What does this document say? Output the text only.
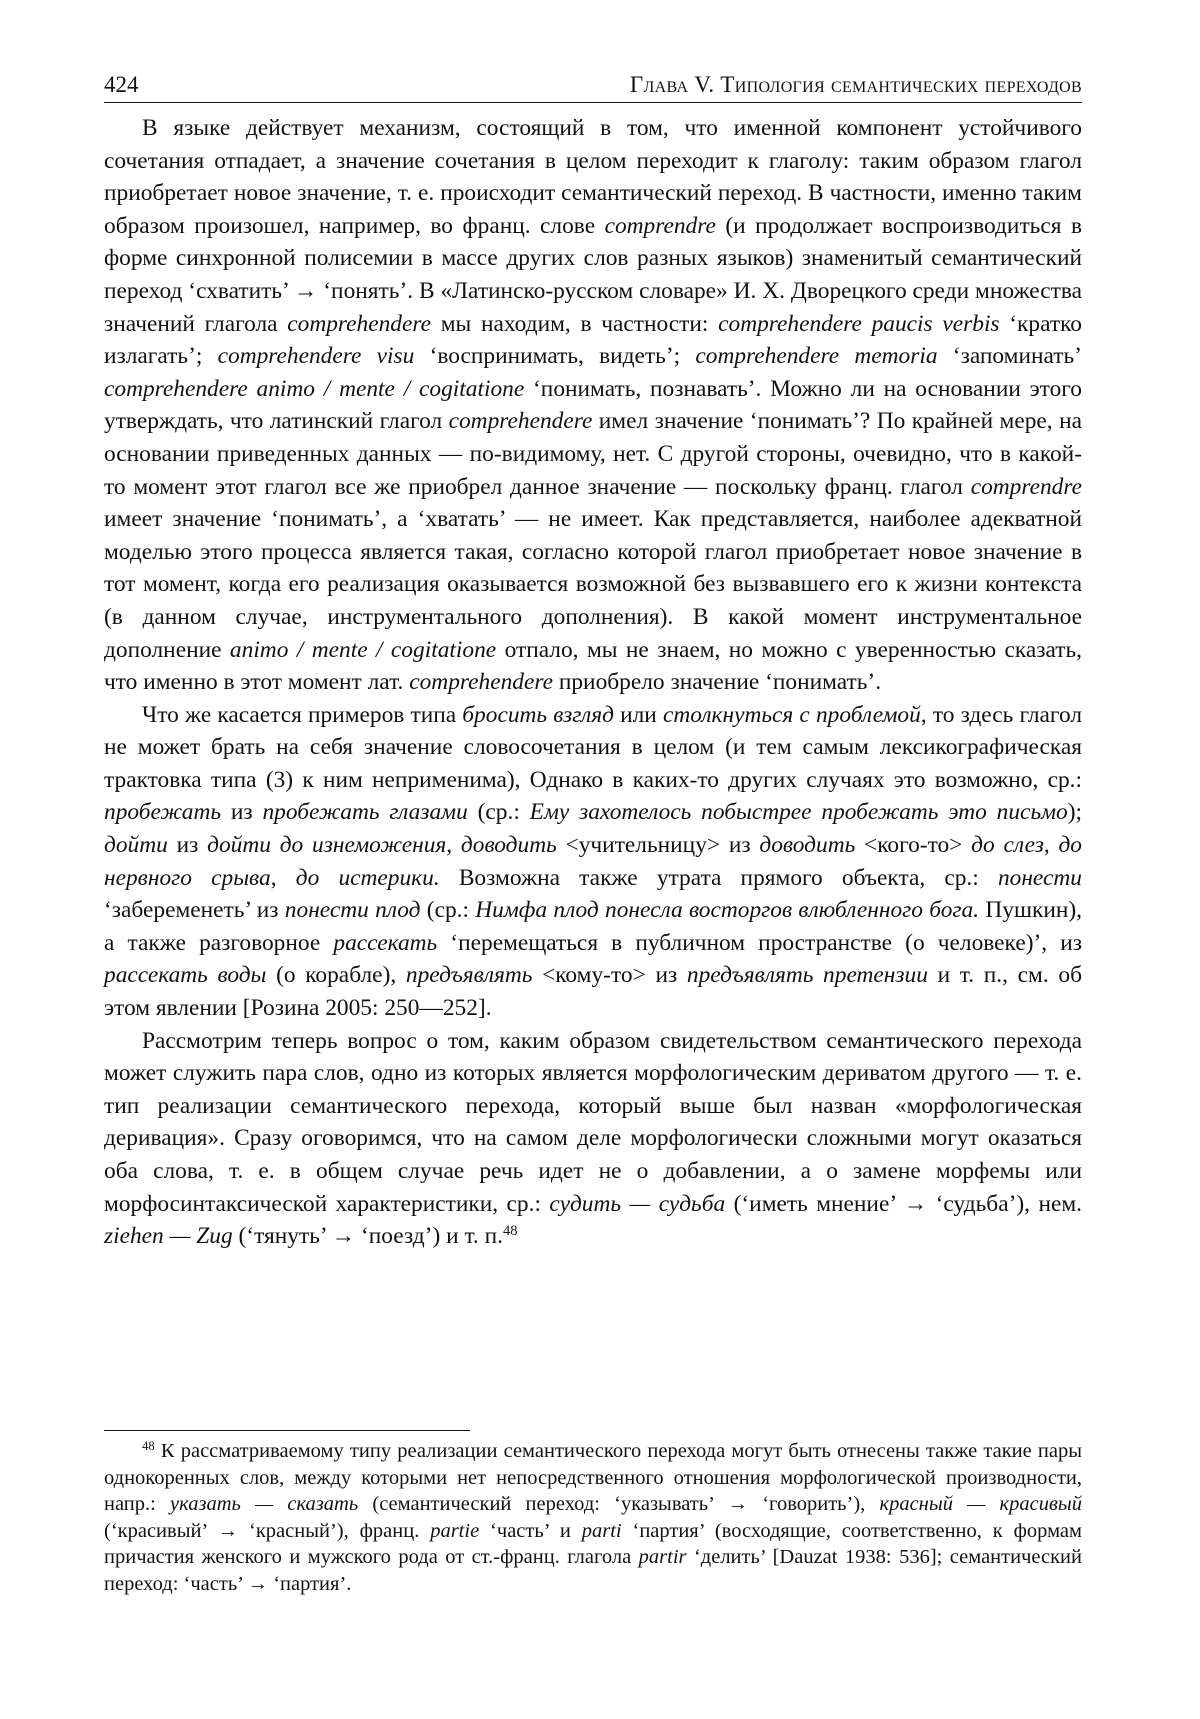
424	Глава V. Типология семантических переходов

В языке действует механизм, состоящий в том, что именной компонент устойчивого сочетания отпадает, а значение сочетания в целом переходит к глаголу: таким образом глагол приобретает новое значение, т. е. происходит семантический переход. В частности, именно таким образом произошел, например, во франц. слове comprendre (и продолжает воспроизводиться в форме синхронной полисемии в массе других слов разных языков) знаменитый семантический переход ‘схватить’ → ‘понять’. В «Латинско-русском словаре» И. Х. Дворецкого среди множества значений глагола comprehendere мы находим, в частности: comprehendere paucis verbis ‘кратко излагать’; comprehendere visu ‘воспринимать, видеть’; comprehendere memoria ‘запоминать’ comprehendere animo / mente / cogitatione ‘понимать, познавать’. Можно ли на основании этого утверждать, что латинский глагол comprehendere имел значение ‘понимать’? По крайней мере, на основании приведенных данных — по-видимому, нет. С другой стороны, очевидно, что в какой-то момент этот глагол все же приобрел данное значение — поскольку франц. глагол comprendre имеет значение ‘понимать’, а ‘хватать’ — не имеет. Как представляется, наиболее адекватной моделью этого процесса является такая, согласно которой глагол приобретает новое значение в тот момент, когда его реализация оказывается возможной без вызвавшего его к жизни контекста (в данном случае, инструментального дополнения). В какой момент инструментальное дополнение animo / mente / cogitatione отпало, мы не знаем, но можно с уверенностью сказать, что именно в этот момент лат. comprehendere приобрело значение ‘понимать’.

Что же касается примеров типа бросить взгляд или столкнуться с проблемой, то здесь глагол не может брать на себя значение словосочетания в целом (и тем самым лексикографическая трактовка типа (3) к ним неприменима), Однако в каких-то других случаях это возможно, ср.: пробежать из пробежать глазами (ср.: Ему захотелось побыстрее пробежать это письмо); дойти из дойти до изнеможения, доводить <учительницу> из доводить <кого-то> до слез, до нервного срыва, до истерики. Возможна также утрата прямого объекта, ср.: понести ‘забеременеть’ из понести плод (ср.: Нимфа плод понесла восторгов влюбленного бога. Пушкин), а также разговорное рассекать ‘перемещаться в публичном пространстве (о человеке)’, из рассекать воды (о корабле), предъявлять <кому-то> из предъявлять претензии и т. п., см. об этом явлении [Розина 2005: 250—252].

Рассмотрим теперь вопрос о том, каким образом свидетельством семантического перехода может служить пара слов, одно из которых является морфологическим дериватом другого — т. е. тип реализации семантического перехода, который выше был назван «морфологическая деривация». Сразу оговоримся, что на самом деле морфологически сложными могут оказаться оба слова, т. е. в общем случае речь идет не о добавлении, а о замене морфемы или морфосинтаксической характеристики, ср.: судить — судьба (‘иметь мнение’ → ‘судьба’), нем. ziehen — Zug (‘тянуть’ → ‘поезд’) и т. п.$^{48}$

$^{48}$ К рассматриваемому типу реализации семантического перехода могут быть отнесены также такие пары однокоренных слов, между которыми нет непосредственного отношения морфологической производности, напр.: указать — сказать (семантический переход: ‘указывать’ → ‘говорить’), красный — красивый (‘красивый’ → ‘красный’), франц. partie ‘часть’ и parti ‘партия’ (восходящие, соответственно, к формам причастия женского и мужского рода от ст.-франц. глагола partir ‘делить’ [Dauzat 1938: 536]; семантический переход: ‘часть’ → ‘партия’.
